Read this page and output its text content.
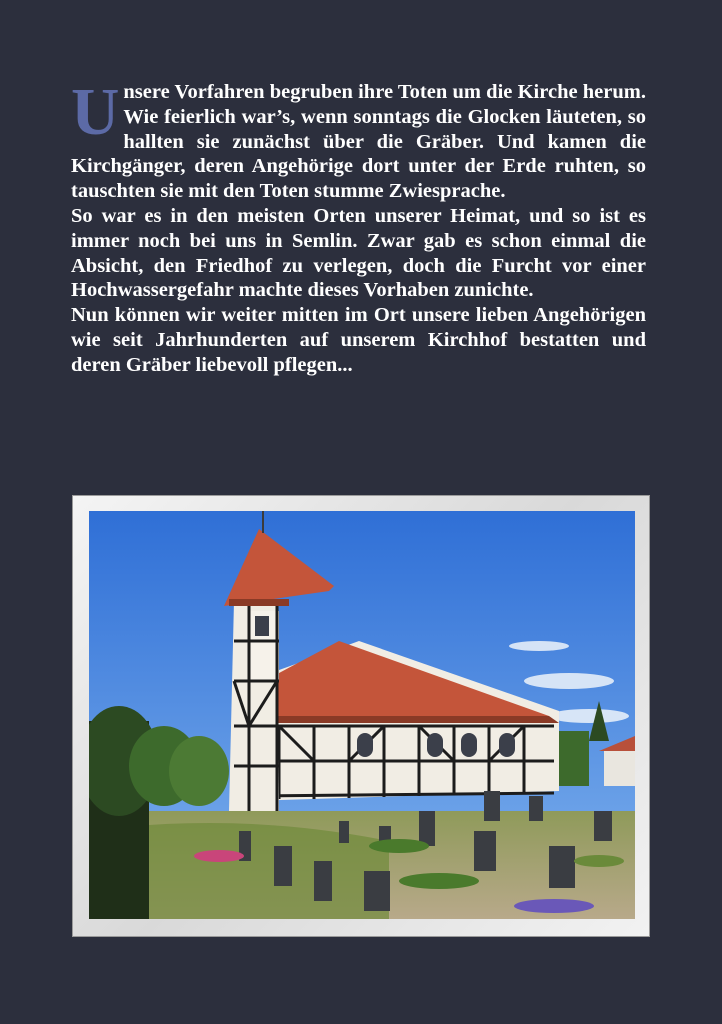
Unsere Vorfahren begruben ihre Toten um die Kirche herum. Wie feierlich war’s, wenn sonntags die Glocken läuteten, so hallten sie zunächst über die Gräber. Und kamen die Kirchgänger, deren Angehörige dort unter der Erde ruhten, so tauschten sie mit den Toten stumme Zwiesprache.

So war es in den meisten Orten unserer Heimat, und so ist es immer noch bei uns in Semlin. Zwar gab es schon einmal die Absicht, den Friedhof zu verlegen, doch die Furcht vor einer Hochwassergefahr machte dieses Vorhaben zunichte.

Nun können wir weiter mitten im Ort unsere lieben Angehörigen wie seit Jahrhunderten auf unserem Kirchhof bestatten und deren Gräber liebevoll pflegen...
